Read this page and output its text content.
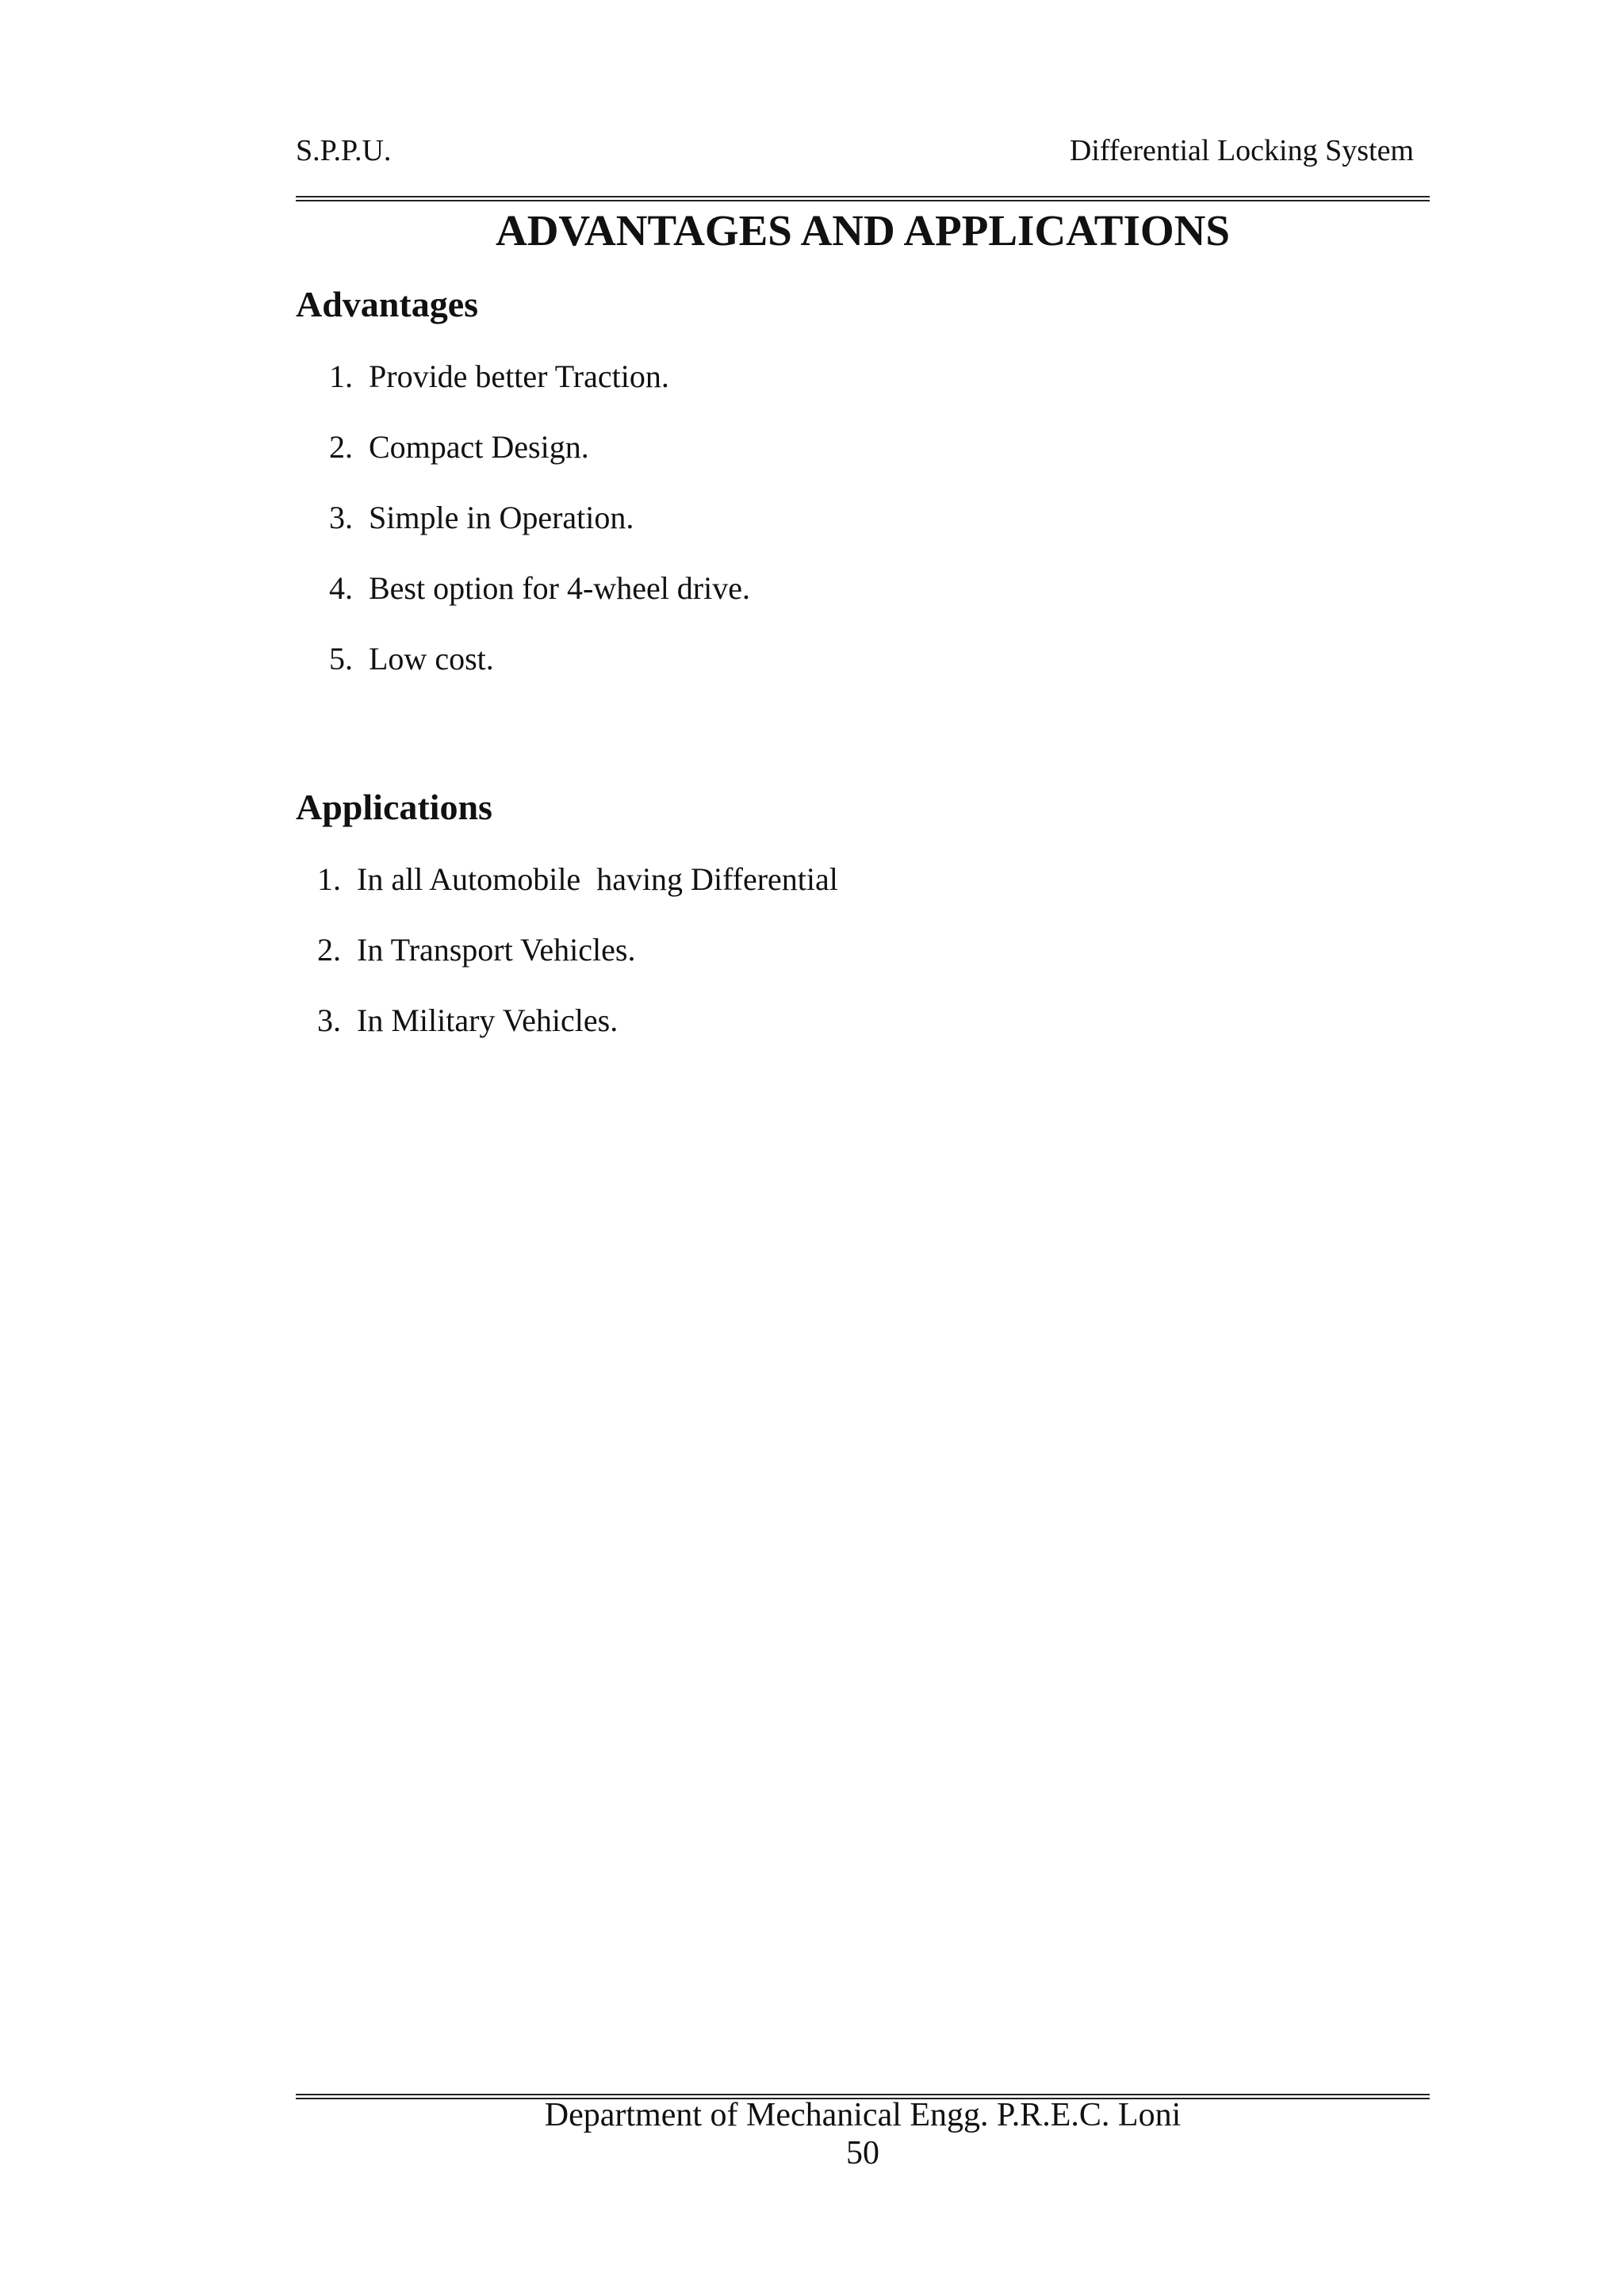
S.P.P.U.	Differential Locking System
ADVANTAGES AND APPLICATIONS
Advantages
1. Provide better Traction.
2. Compact Design.
3. Simple in Operation.
4. Best option for 4-wheel drive.
5. Low cost.
Applications
1. In all Automobile  having Differential
2. In Transport Vehicles.
3. In Military Vehicles.
Department of Mechanical Engg. P.R.E.C. Loni
50
